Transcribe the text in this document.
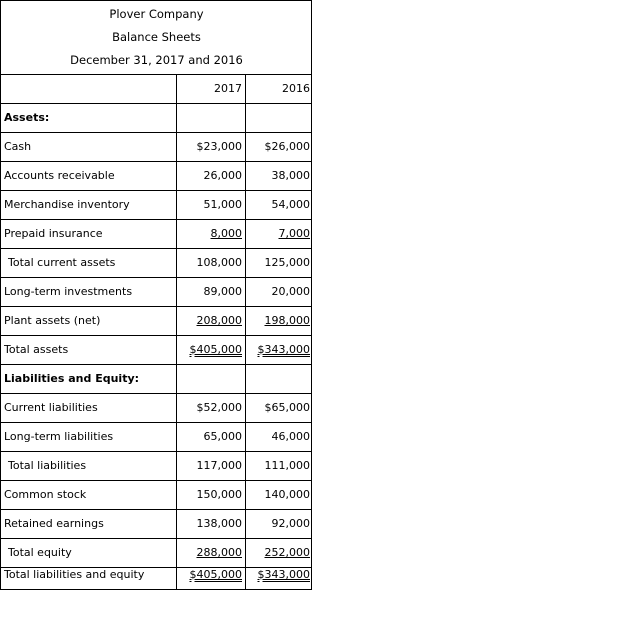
Plover Company
Balance Sheets
December 31, 2017 and 2016
2017	2016
Assets:
Cash	$23,000	$26,000
Accounts receivable	26,000	38,000
Merchandise inventory	51,000	54,000
Prepaid insurance	8,000	7,000
Total current assets	108,000	125,000
Long-term investments	89,000	20,000
Plant assets (net)	208,000	198,000
Total assets	$405,000	$343,000
Liabilities and Equity:
Current liabilities	$52,000	$65,000
Long-term liabilities	65,000	46,000
Total liabilities	117,000	111,000
Common stock	150,000	140,000
Retained earnings	138,000	92,000
Total equity	288,000	252,000
Total liabilities and equity	$405,000	$343,000
